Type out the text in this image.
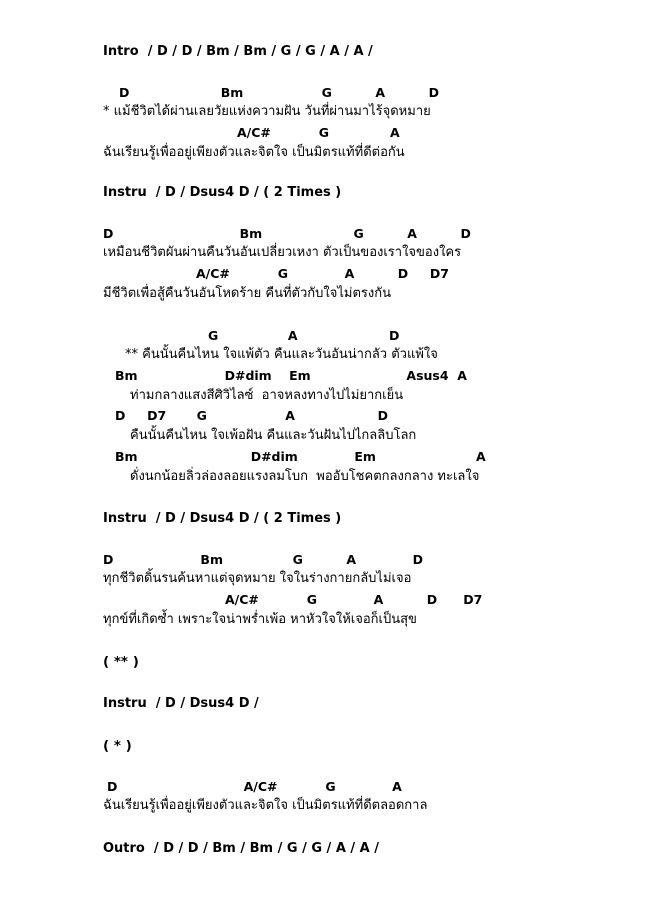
Intro  / D / D / Bm / Bm / G / G / A / A /
D                     Bm                  G          A          D
* แม้ชีวิตได้ผ่านเลยวัยแห่งความฝัน วันที่ผ่านมาไร้จุดหมาย
A/C#           G              A
ฉันเรียนรู้เพื่ออยู่เพียงตัวและจิตใจ เป็นมิตรแท้ที่ดีต่อกัน
Instru  / D / Dsus4 D / ( 2 Times )
D                             Bm                     G          A          D
เหมือนชีวิตผันผ่านคืนวันอันเปลี่ยวเหงา ตัวเป็นของเราใจของใคร
A/C#           G             A          D     D7
มีชีวิตเพื่อสู้คืนวันอันโหดร้าย คืนที่ตัวกับใจไม่ตรงกัน
G                A                     D
** คืนนั้นคืนไหน ใจแพ้ตัว คืนและวันอันน่ากลัว ตัวแพ้ใจ
Bm                    D#dim    Em                      Asus4  A
ท่ามกลางแสงสีศิวิไลซ์  อาจหลงทางไปไม่ยากเย็น
D     D7       G                  A                   D
คืนนั้นคืนไหน ใจเพ้อฝัน คืนและวันฝันไปไกลลิบโลก
Bm                          D#dim             Em                       A
ดั่งนกน้อยลิ่วล่องลอยแรงลมโบก  พออับโชคตกลงกลาง ทะเลใจ
Instru  / D / Dsus4 D / ( 2 Times )
D                    Bm                G          A             D
ทุกชีวิตดิ้นรนค้นหาแต่จุดหมาย ใจในร่างกายกลับไม่เจอ
A/C#           G             A          D      D7
ทุกข์ที่เกิดซ้ำ เพราะใจน่าพร่ำเพ้อ หาหัวใจให้เจอก็เป็นสุข
( ** )
Instru  / D / Dsus4 D /
( * )
D                             A/C#           G             A
ฉันเรียนรู้เพื่ออยู่เพียงตัวและจิตใจ เป็นมิตรแท้ที่ดีตลอดกาล
Outro  / D / D / Bm / Bm / G / G / A / A /
